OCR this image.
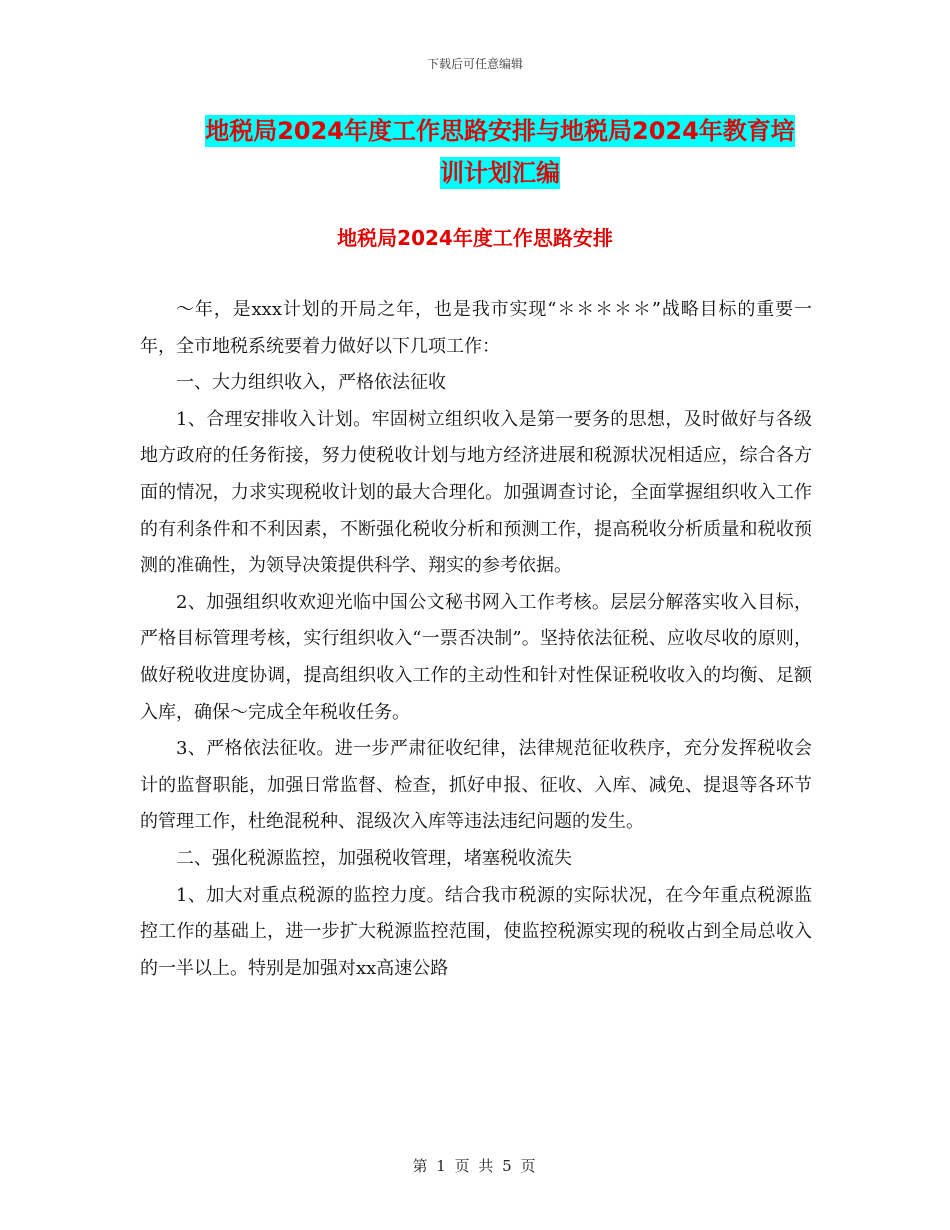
下载后可任意编辑
地税局2024年度工作思路安排与地税局2024年教育培训计划汇编
地税局2024年度工作思路安排

～年，是xxx计划的开局之年，也是我市实现“＊＊＊＊＊”战略目标的重要一年，全市地税系统要着力做好以下几项工作：

一、大力组织收入，严格依法征收

1、合理安排收入计划。牢固树立组织收入是第一要务的思想，及时做好与各级地方政府的任务衔接，努力使税收计划与地方经济进展和税源状况相适应，综合各方面的情况，力求实现税收计划的最大合理化。加强调查讨论，全面掌握组织收入工作的有利条件和不利因素，不断强化税收分析和预测工作，提高税收分析质量和税收预测的准确性，为领导决策提供科学、翔实的参考依据。

2、加强组织收欢迎光临中国公文秘书网入工作考核。层层分解落实收入目标，严格目标管理考核，实行组织收入“一票否决制”。坚持依法征税、应收尽收的原则，做好税收进度协调，提高组织收入工作的主动性和针对性保证税收收入的均衡、足额入库，确保～完成全年税收任务。

3、严格依法征收。进一步严肃征收纪律，法律规范征收秩序，充分发挥税收会计的监督职能，加强日常监督、检查，抓好申报、征收、入库、减免、提退等各环节的管理工作，杜绝混税种、混级次入库等违法违纪问题的发生。

二、强化税源监控，加强税收管理，堵塞税收流失

1、加大对重点税源的监控力度。结合我市税源的实际状况，在今年重点税源监控工作的基础上，进一步扩大税源监控范围，使监控税源实现的税收占到全局总收入的一半以上。特别是加强对xx高速公路

第 1 页 共 5 页
